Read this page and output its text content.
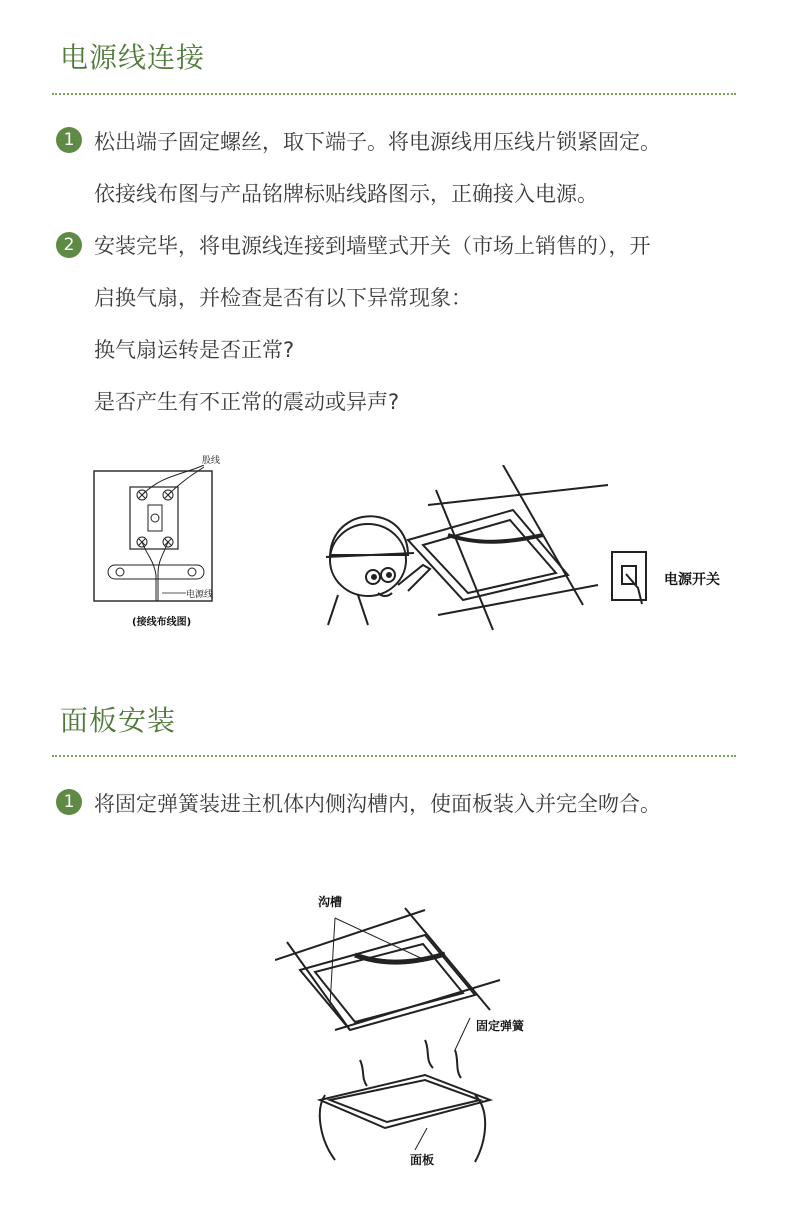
电源线连接
1 松出端子固定螺丝，取下端子。将电源线用压线片锁紧固定。
依接线布图与产品铭牌标贴线路图示，正确接入电源。
2 安装完毕，将电源线连接到墙壁式开关（市场上销售的），开
启换气扇，并检查是否有以下异常现象：
换气扇运转是否正常?
是否产生有不正常的震动或异声?
股线
电源线
(接线布线图)
电源开关
面板安装
1 将固定弹簧装进主机体内侧沟槽内，使面板装入并完全吻合。
沟槽
固定弹簧
面板
